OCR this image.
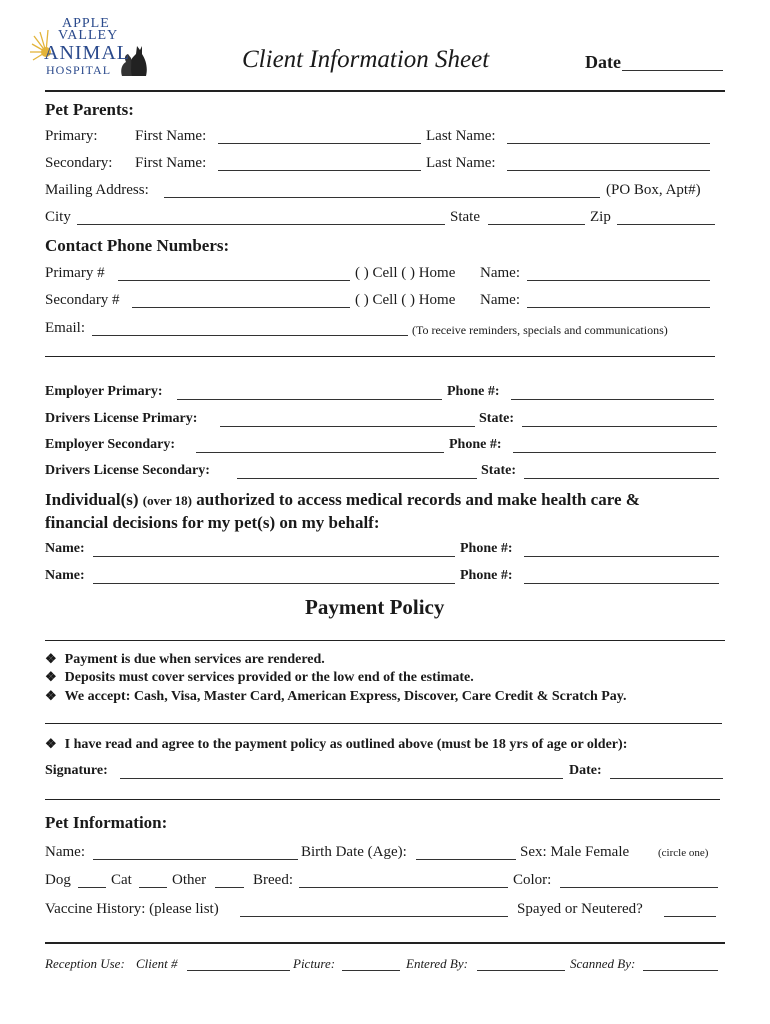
APPLE
VALLEY
ANIMAL
HOSPITAL	Client Information Sheet	Date
Pet Parents:
Primary:	First Name:	Last Name:
Secondary: First Name:	Last Name:
Mailing Address:	(PO Box, Apt#)
City	State	Zip
Contact Phone Numbers:
Primary #	( ) Cell ( ) Home Name:
Secondary #	( ) Cell ( ) Home Name:
Email:	(To receive reminders, specials and communications)
Employer Primary:	Phone #:
Drivers License Primary:	State:
Employer Secondary:	Phone #:
Drivers License Secondary:	State:
Individual(s) (over 18) authorized to access medical records and make health care &
financial decisions for my pet(s) on my behalf:
Name:	Phone #:
Name:	Phone #:
Payment Policy
❖ Payment is due when services are rendered.
❖ Deposits must cover services provided or the low end of the estimate.
❖ We accept: Cash, Visa, Master Card, American Express, Discover, Care Credit & Scratch Pay.
❖ I have read and agree to the payment policy as outlined above (must be 18 yrs of age or older):
Signature:	Date:
Pet Information:
Name:	Birth Date (Age):	Sex: Male Female	(circle one)
Dog	Cat	Other	Breed:	Color:
Vaccine History: (please list)	Spayed or Neutered?
Reception Use: Client #	Picture:	Entered By:	Scanned By:
